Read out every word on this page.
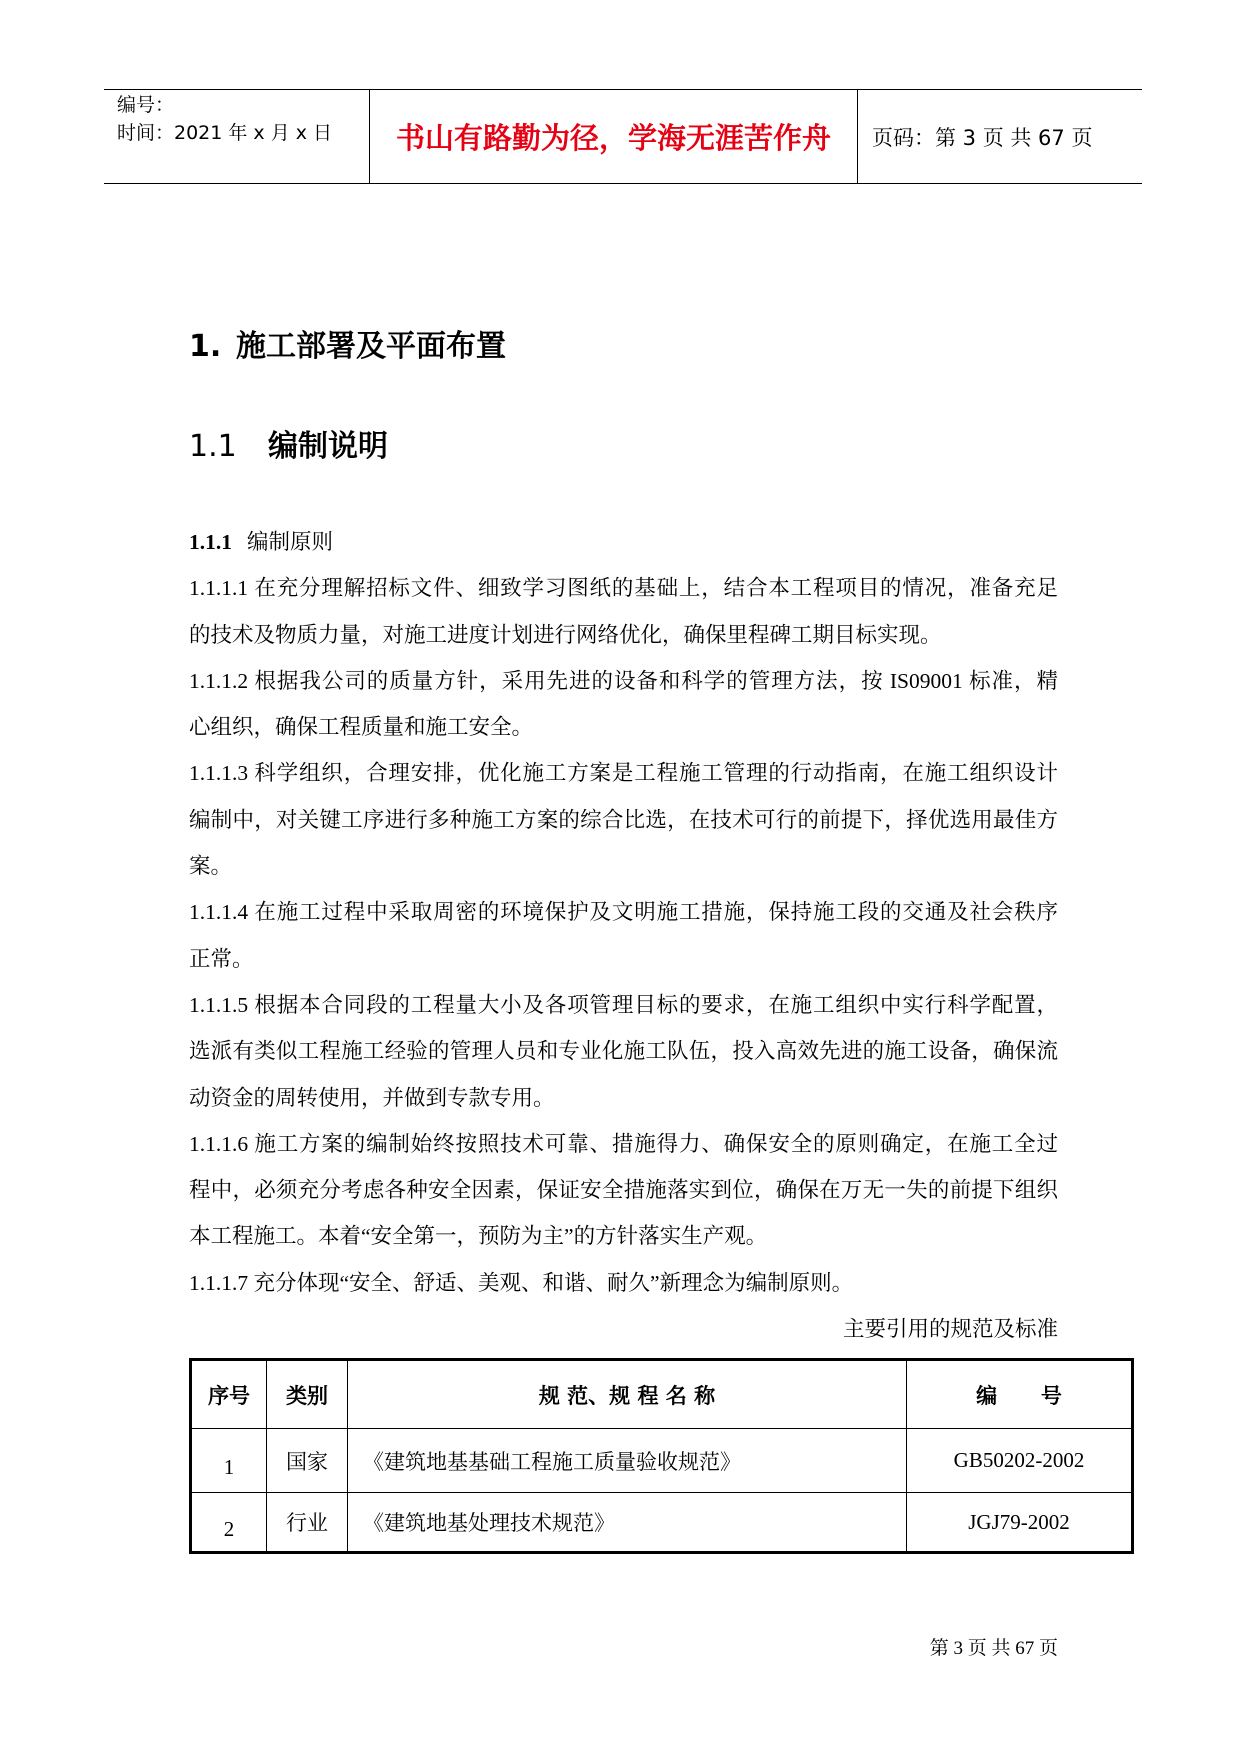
编号：
时间：2021 年 x 月 x 日 书山有路勤为径，学海无涯苦作舟 页码：第 3 页 共 67 页
1. 施工部署及平面布置
1.1 编制说明
1.1.1 编制原则
1.1.1.1 在充分理解招标文件、细致学习图纸的基础上，结合本工程项目的情况，准备充足
的技术及物质力量，对施工进度计划进行网络优化，确保里程碑工期目标实现。
1.1.1.2 根据我公司的质量方针，采用先进的设备和科学的管理方法，按 IS09001 标准，精
心组织，确保工程质量和施工安全。
1.1.1.3 科学组织，合理安排，优化施工方案是工程施工管理的行动指南，在施工组织设计
编制中，对关键工序进行多种施工方案的综合比选，在技术可行的前提下，择优选用最佳方
案。
1.1.1.4 在施工过程中采取周密的环境保护及文明施工措施，保持施工段的交通及社会秩序
正常。
1.1.1.5 根据本合同段的工程量大小及各项管理目标的要求，在施工组织中实行科学配置，
选派有类似工程施工经验的管理人员和专业化施工队伍，投入高效先进的施工设备，确保流
动资金的周转使用，并做到专款专用。
1.1.1.6 施工方案的编制始终按照技术可靠、措施得力、确保安全的原则确定，在施工全过
程中，必须充分考虑各种安全因素，保证安全措施落实到位，确保在万无一失的前提下组织
本工程施工。本着“安全第一，预防为主”的方针落实生产观。
1.1.1.7 充分体现“安全、舒适、美观、和谐、耐久”新理念为编制原则。
主要引用的规范及标准
序号	类别	规 范、规 程 名 称	编      号
1	国家	《建筑地基基础工程施工质量验收规范》	GB50202-2002
2	行业	《建筑地基处理技术规范》	JGJ79-2002
第 3 页 共 67 页
